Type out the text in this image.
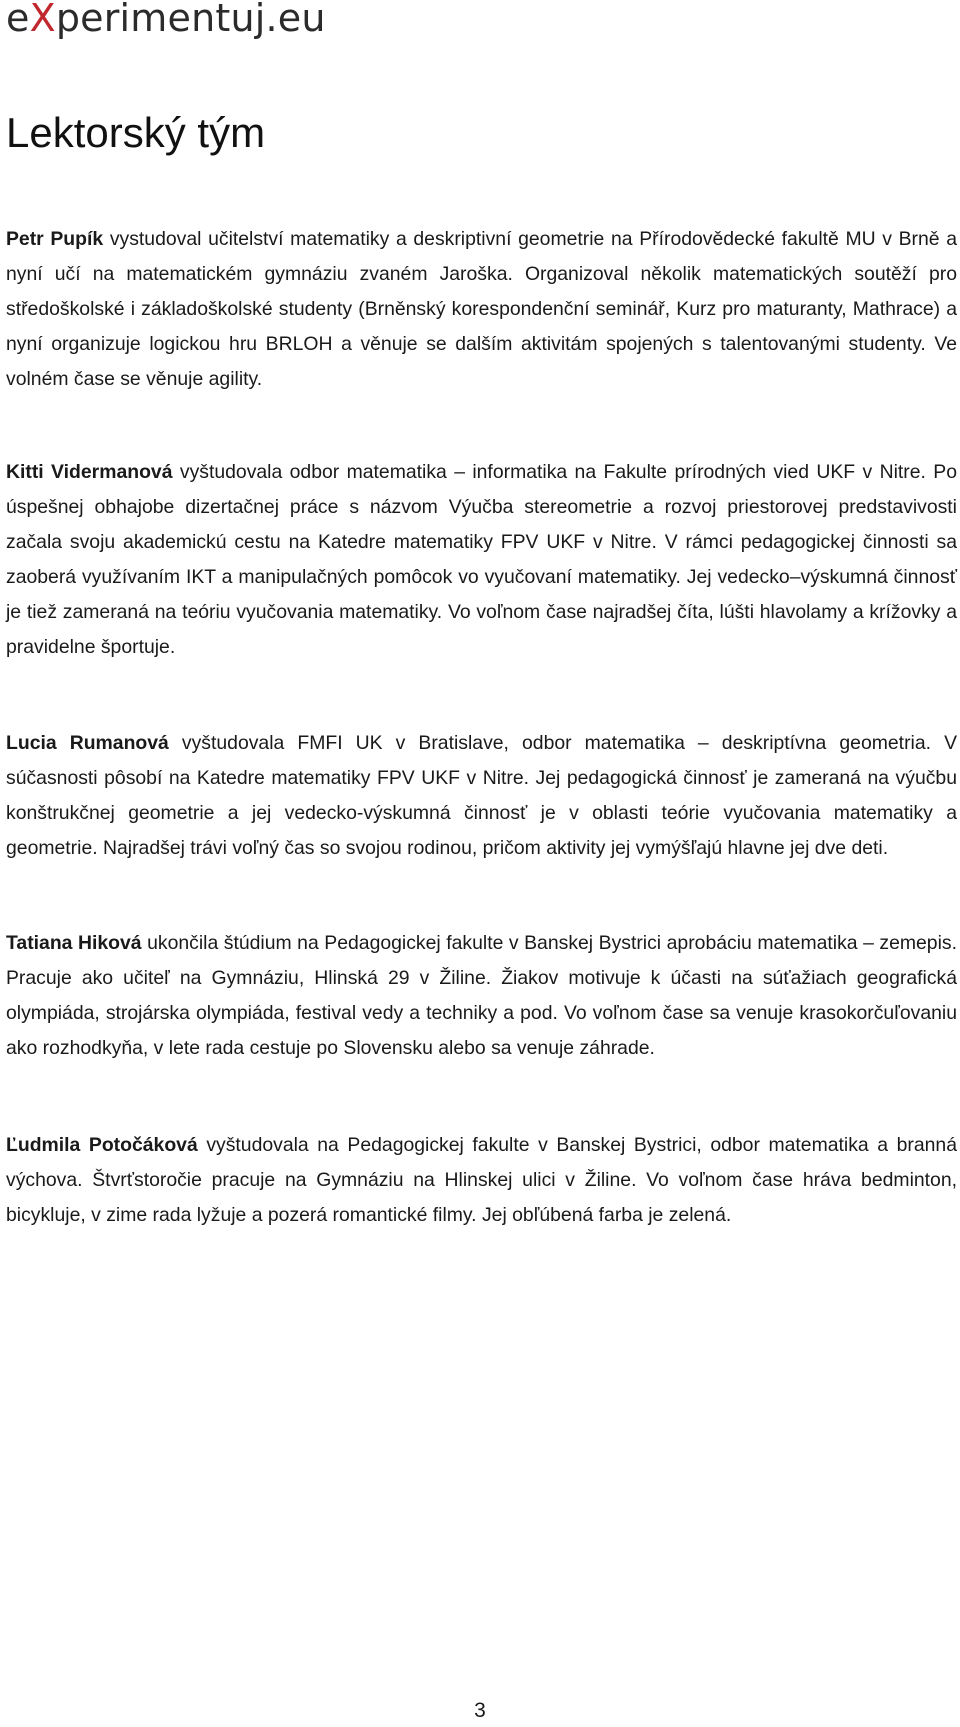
eXperimentuj.eu
Lektorský tým

Petr Pupík vystudoval učitelství matematiky a deskriptivní geometrie na Přírodovědecké fakultě MU v Brně a nyní učí na matematickém gymnáziu zvaném Jaroška. Organizoval několik matematických soutěží pro středoškolské i základoškolské studenty (Brněnský korespondenční seminář, Kurz pro maturanty, Mathrace) a nyní organizuje logickou hru BRLOH a věnuje se dalším aktivitám spojených s talentovanými studenty. Ve volném čase se věnuje agility.

Kitti Vidermanová vyštudovala odbor matematika – informatika na Fakulte prírodných vied UKF v Nitre. Po úspešnej obhajobe dizertačnej práce s názvom Výučba stereometrie a rozvoj priestorovej predstavivosti začala svoju akademickú cestu na Katedre matematiky FPV UKF v Nitre. V rámci pedagogickej činnosti sa zaoberá využívaním IKT a manipulačných pomôcok vo vyučovaní matematiky. Jej vedecko–výskumná činnosť je tiež zameraná na teóriu vyučovania matematiky. Vo voľnom čase najradšej číta, lúšti hlavolamy a krížovky a pravidelne športuje.

Lucia Rumanová vyštudovala FMFI UK v Bratislave, odbor matematika – deskriptívna geometria. V súčasnosti pôsobí na Katedre matematiky FPV UKF v Nitre. Jej pedagogická činnosť je zameraná na výučbu konštrukčnej geometrie a jej vedecko-výskumná činnosť je v oblasti teórie vyučovania matematiky a geometrie. Najradšej trávi voľný čas so svojou rodinou, pričom aktivity jej vymýšľajú hlavne jej dve deti.

Tatiana Hiková ukončila štúdium na Pedagogickej fakulte v Banskej Bystrici aprobáciu matematika – zemepis. Pracuje ako učiteľ na Gymnáziu, Hlinská 29 v Žiline. Žiakov motivuje k účasti na súťažiach geografická olympiáda, strojárska olympiáda, festival vedy a techniky a pod. Vo voľnom čase sa venuje krasokorčuľovaniu ako rozhodkyňa, v lete rada cestuje po Slovensku alebo sa venuje záhrade.

Ľudmila Potočáková vyštudovala na Pedagogickej fakulte v Banskej Bystrici, odbor matematika a branná výchova. Štvrťstoročie pracuje na Gymnáziu na Hlinskej ulici v Žiline. Vo voľnom čase hráva bedminton, bicykluje, v zime rada lyžuje a pozerá romantické filmy. Jej obľúbená farba je zelená.

3
